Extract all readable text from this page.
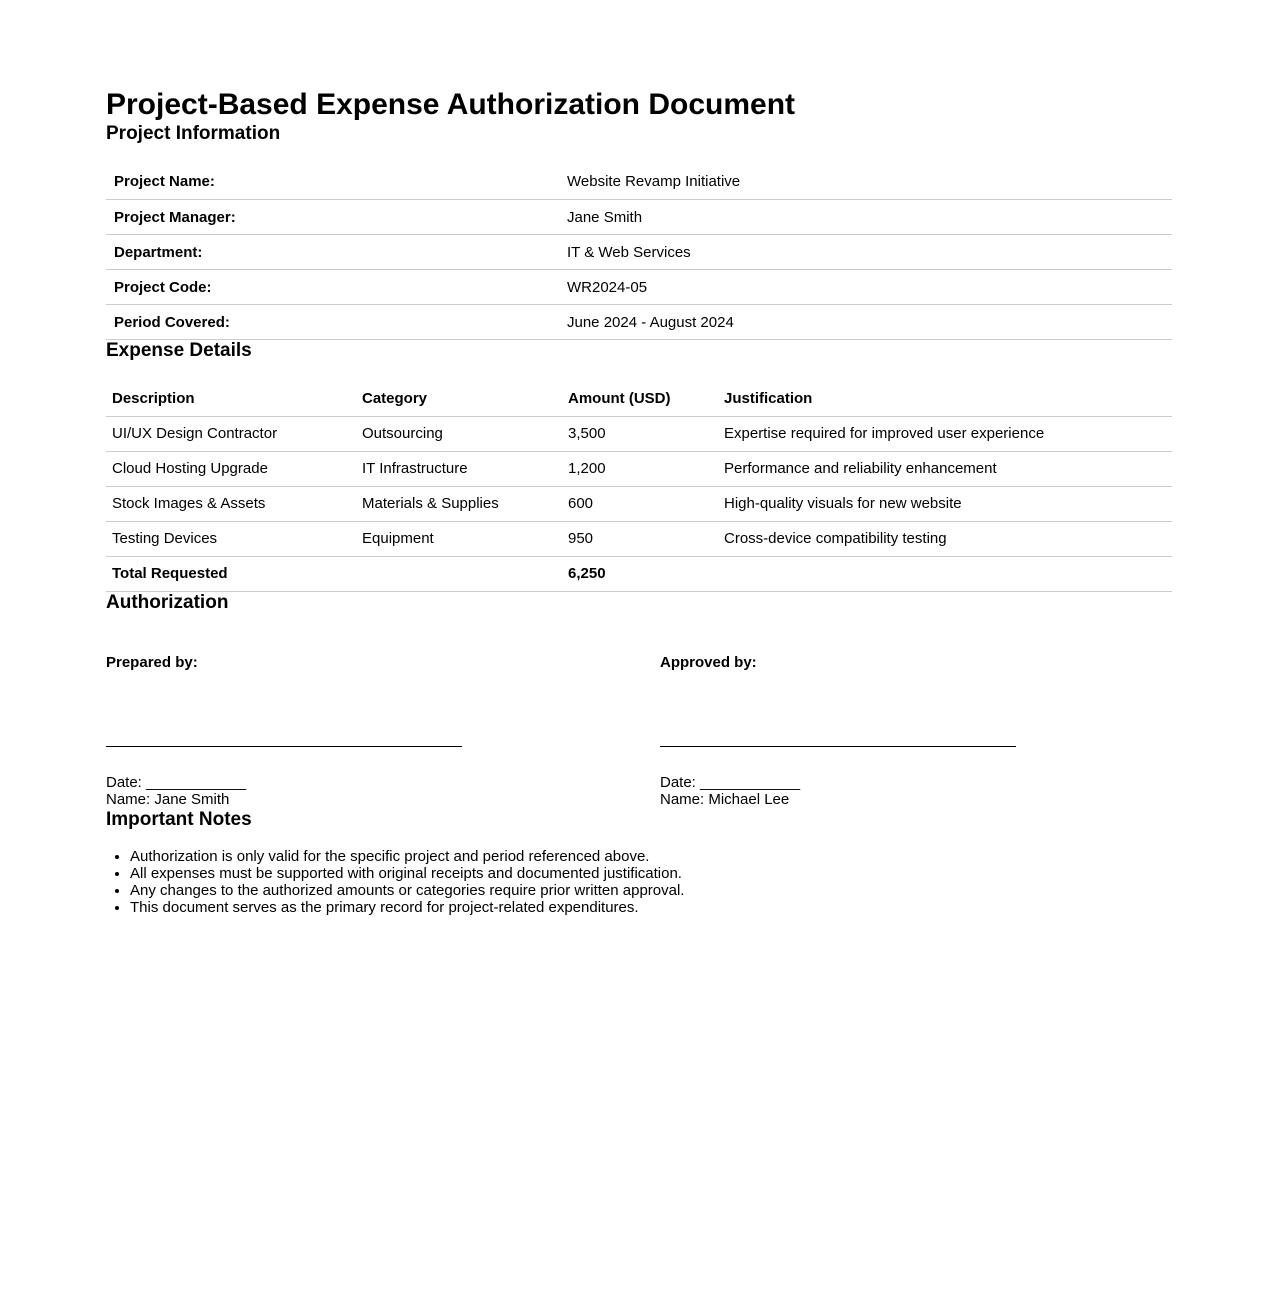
Project-Based Expense Authorization Document
Project Information
Project Name:	Website Revamp Initiative
Project Manager:	Jane Smith
Department:	IT & Web Services
Project Code:	WR2024-05
Period Covered:	June 2024 - August 2024
Expense Details
Description	Category	Amount (USD)	Justification
UI/UX Design Contractor	Outsourcing	3,500	Expertise required for improved user experience
Cloud Hosting Upgrade	IT Infrastructure	1,200	Performance and reliability enhancement
Stock Images & Assets	Materials & Supplies	600	High-quality visuals for new website
Testing Devices	Equipment	950	Cross-device compatibility testing
Total Requested		6,250	
Authorization
Prepared by:
Date: ____________
Name: Jane Smith
Approved by:
Date: ____________
Name: Michael Lee
Important Notes
• Authorization is only valid for the specific project and period referenced above.
• All expenses must be supported with original receipts and documented justification.
• Any changes to the authorized amounts or categories require prior written approval.
• This document serves as the primary record for project-related expenditures.
